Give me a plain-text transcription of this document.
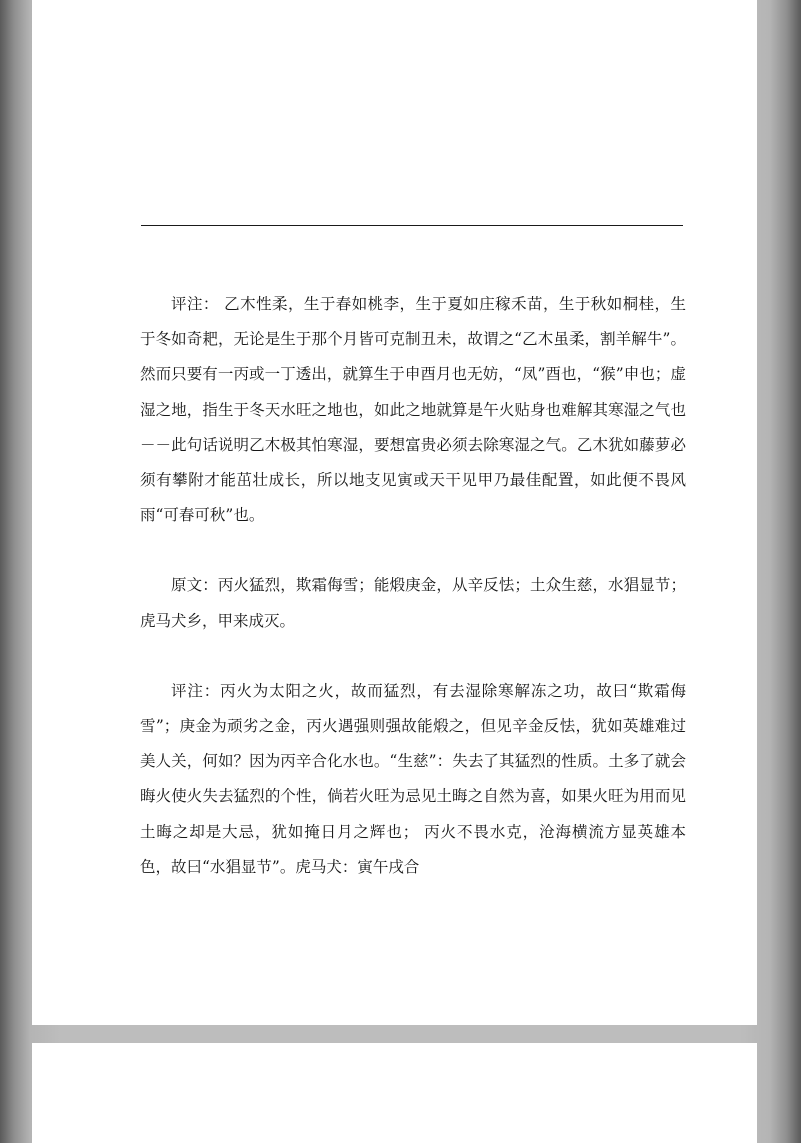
评注： 乙木性柔，生于春如桃李，生于夏如庄稼禾苗，生于秋如桐桂，生于冬如奇耙，无论是生于那个月皆可克制丑未，故谓之“乙木虽柔，割羊解牛”。然而只要有一丙或一丁透出，就算生于申酉月也无妨，“凤”酉也，“猴”申也；虚湿之地，指生于冬天水旺之地也，如此之地就算是午火贴身也难解其寒湿之气也－－此句话说明乙木极其怕寒湿，要想富贵必须去除寒湿之气。乙木犹如藤萝必须有攀附才能茁壮成长，所以地支见寅或天干见甲乃最佳配置，如此便不畏风雨“可春可秋”也。

原文：丙火猛烈，欺霜侮雪；能煅庚金，从辛反怯；土众生慈，水猖显节；虎马犬乡，甲来成灭。

评注：丙火为太阳之火，故而猛烈，有去湿除寒解冻之功，故曰“欺霜侮雪”；庚金为顽劣之金，丙火遇强则强故能煅之，但见辛金反怯，犹如英雄难过美人关，何如？因为丙辛合化水也。“生慈”：失去了其猛烈的性质。土多了就会晦火使火失去猛烈的个性，倘若火旺为忌见土晦之自然为喜，如果火旺为用而见土晦之却是大忌，犹如掩日月之辉也； 丙火不畏水克，沧海横流方显英雄本色，故曰“水猖显节”。虎马犬：寅午戌合
